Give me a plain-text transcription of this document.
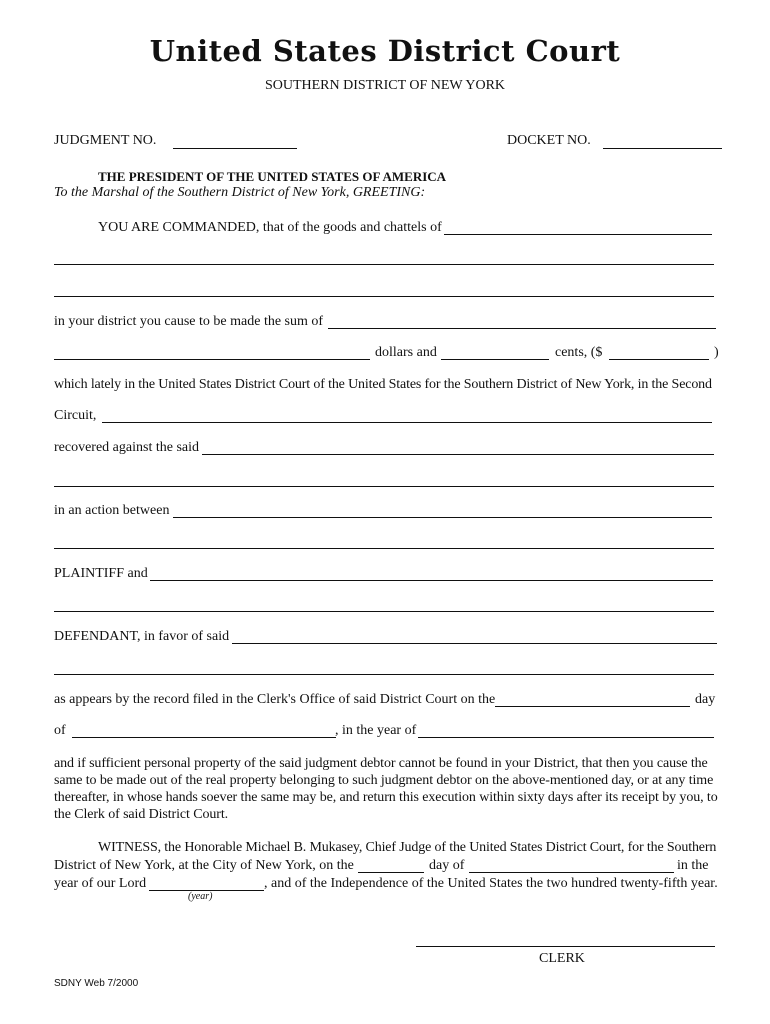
United States District Court
SOUTHERN DISTRICT OF NEW YORK
JUDGMENT NO.	DOCKET NO.
THE PRESIDENT OF THE UNITED STATES OF AMERICA
To the Marshal of the Southern District of New York, GREETING:
YOU ARE COMMANDED, that of the goods and chattels of
in your district you cause to be made the sum of
dollars and	cents, ($	)
which lately in the United States District Court of the United States for the Southern District of New York, in the Second
Circuit,
recovered against the said
in an action between
PLAINTIFF and
DEFENDANT, in favor of said
as appears by the record filed in the Clerk's Office of said District Court on the	day
of	, in the year of
and if sufficient personal property of the said judgment debtor cannot be found in your District, that then you cause the same to be made out of the real property belonging to such judgment debtor on the above-mentioned day, or at any time thereafter, in whose hands soever the same may be, and return this execution within sixty days after its receipt by you, to the Clerk of said District Court.
WITNESS, the Honorable Michael B. Mukasey, Chief Judge of the United States District Court, for the Southern
District of New York, at the City of New York, on the	day of	in the
year of our Lord	, and of the Independence of the United States the two hundred twenty-fifth year.
(year)
CLERK
SDNY Web 7/2000
